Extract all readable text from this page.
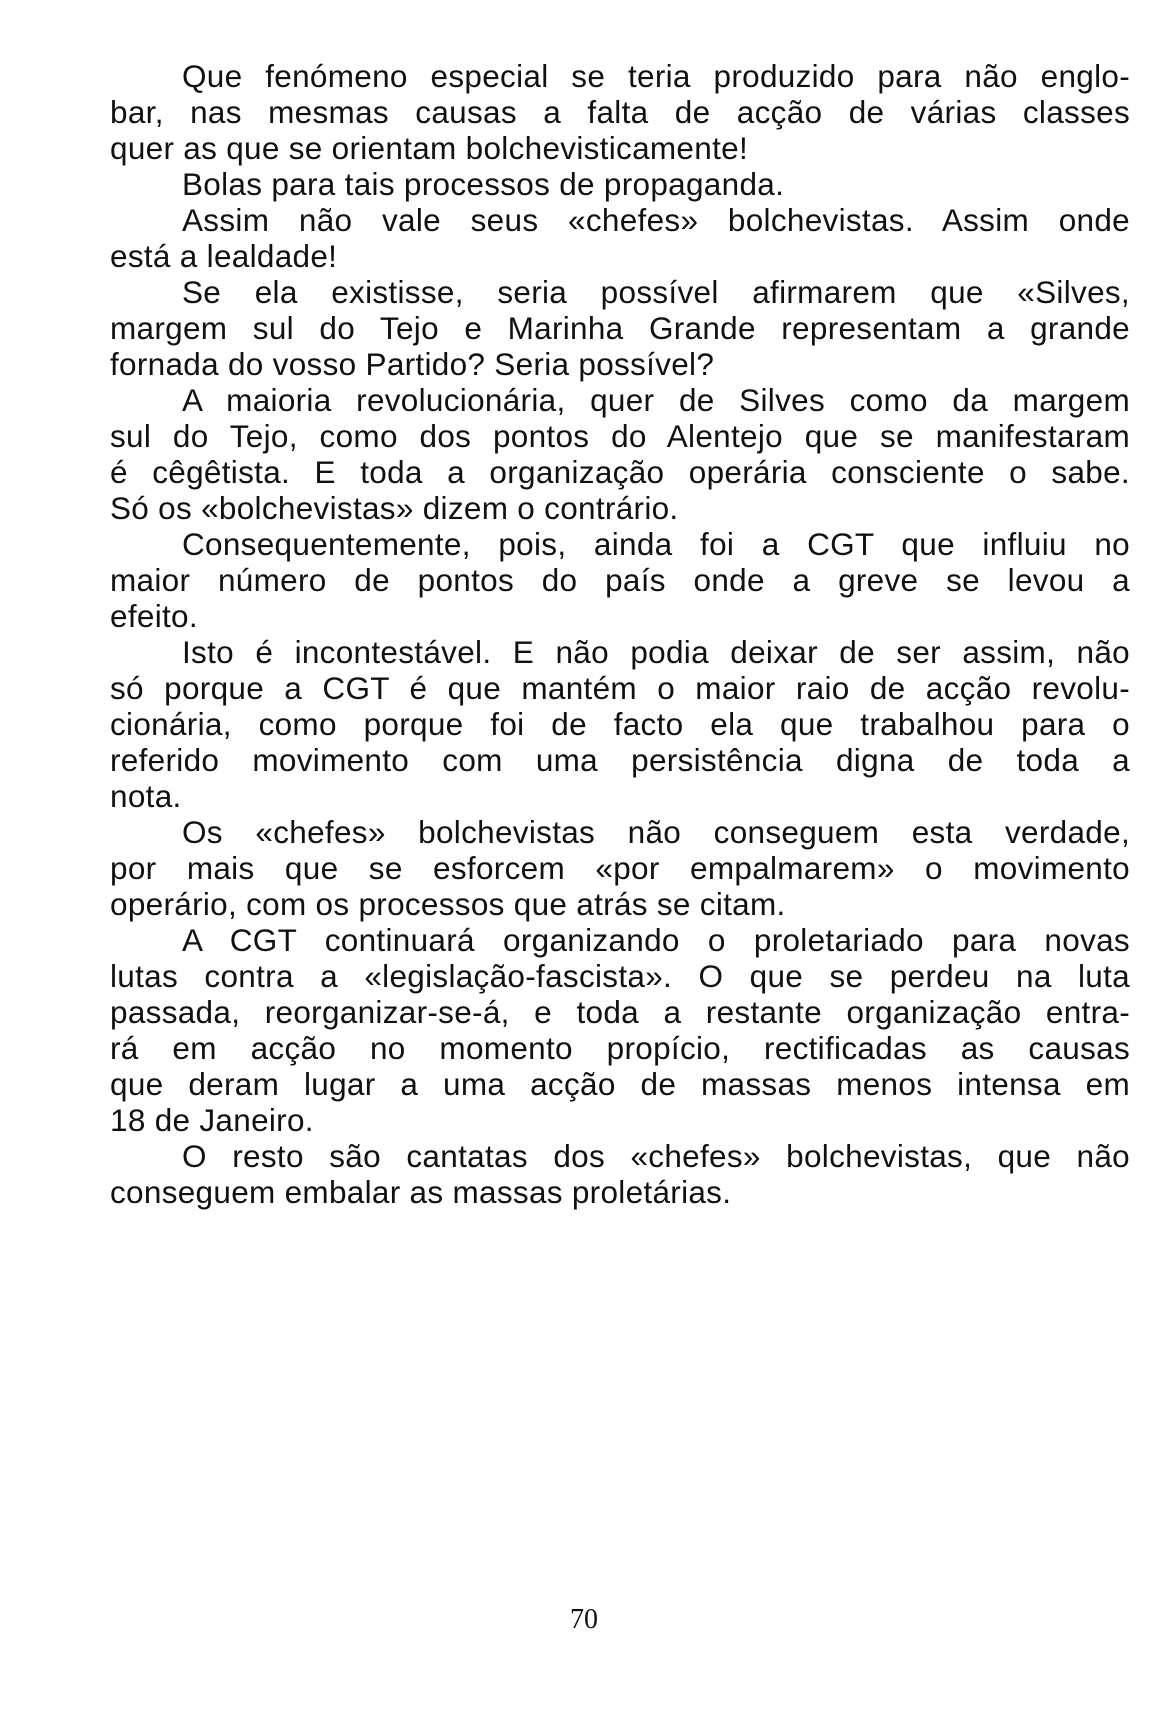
Que fenómeno especial se teria produzido para não englo-
bar, nas mesmas causas a falta de acção de várias classes
quer as que se orientam bolchevisticamente!
Bolas para tais processos de propaganda.
Assim não vale seus «chefes» bolchevistas. Assim onde
está a lealdade!
Se ela existisse, seria possível afirmarem que «Silves,
margem sul do Tejo e Marinha Grande representam a grande
fornada do vosso Partido? Seria possível?
A maioria revolucionária, quer de Silves como da margem
sul do Tejo, como dos pontos do Alentejo que se manifestaram
é cêgêtista. E toda a organização operária consciente o sabe.
Só os «bolchevistas» dizem o contrário.
Consequentemente, pois, ainda foi a CGT que influiu no
maior número de pontos do país onde a greve se levou a
efeito.
Isto é incontestável. E não podia deixar de ser assim, não
só porque a CGT é que mantém o maior raio de acção revolu-
cionária, como porque foi de facto ela que trabalhou para o
referido movimento com uma persistência digna de toda a
nota.
Os «chefes» bolchevistas não conseguem esta verdade,
por mais que se esforcem «por empalmarem» o movimento
operário, com os processos que atrás se citam.
A CGT continuará organizando o proletariado para novas
lutas contra a «legislação-fascista». O que se perdeu na luta
passada, reorganizar-se-á, e toda a restante organização entra-
rá em acção no momento propício, rectificadas as causas
que deram lugar a uma acção de massas menos intensa em
18 de Janeiro.
O resto são cantatas dos «chefes» bolchevistas, que não
conseguem embalar as massas proletárias.
70
